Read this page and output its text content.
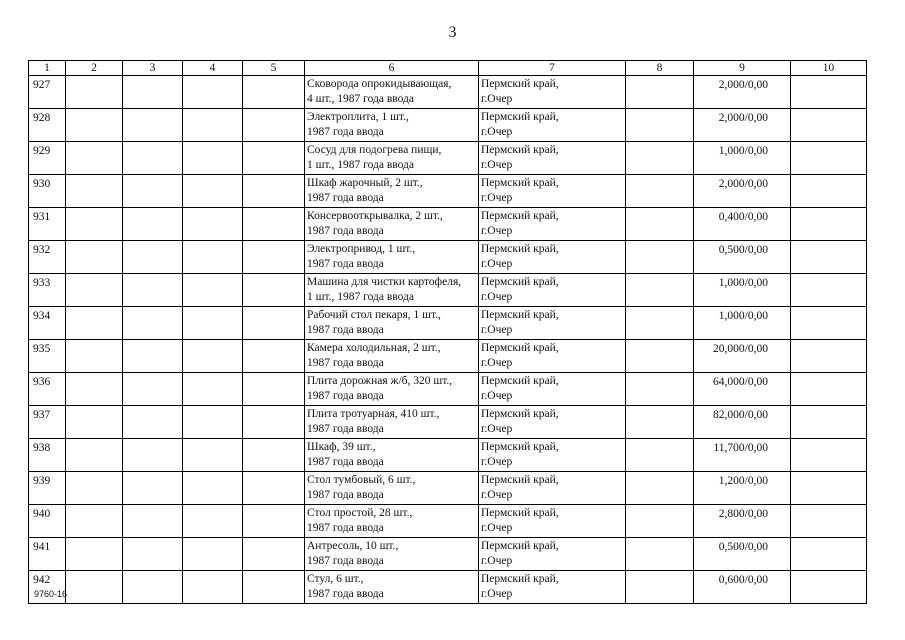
3
1	2	3	4	5	6	7	8	9	10

927					Сковорода опрокидывающая,
4 шт., 1987 года ввода	Пермский край,
г.Очер		2,000/0,00	

928					Электроплита, 1 шт.,
1987 года ввода	Пермский край,
г.Очер		2,000/0,00	

929					Сосуд для подогрева пищи,
1 шт., 1987 года ввода	Пермский край,
г.Очер		1,000/0,00	

930					Шкаф жарочный, 2 шт.,
1987 года ввода	Пермский край,
г.Очер		2,000/0,00	

931					Консервооткрывалка, 2 шт.,
1987 года ввода	Пермский край,
г.Очер		0,400/0,00	

932					Электропривод, 1 шт.,
1987 года ввода	Пермский край,
г.Очер		0,500/0,00	

933					Машина для чистки картофеля,
1 шт., 1987 года ввода	Пермский край,
г.Очер		1,000/0,00	

934					Рабочий стол пекаря, 1 шт.,
1987 года ввода	Пермский край,
г.Очер		1,000/0,00	

935					Камера холодильная, 2 шт.,
1987 года ввода	Пермский край,
г.Очер		20,000/0,00	

936					Плита дорожная ж/б, 320 шт.,
1987 года ввода	Пермский край,
г.Очер		64,000/0,00	

937					Плита тротуарная, 410 шт.,
1987 года ввода	Пермский край,
г.Очер		82,000/0,00	

938					Шкаф, 39 шт.,
1987 года ввода	Пермский край,
г.Очер		11,700/0,00	

939					Стол тумбовый, 6 шт.,
1987 года ввода	Пермский край,
г.Очер		1,200/0,00	

940					Стол простой, 28 шт.,
1987 года ввода	Пермский край,
г.Очер		2,800/0,00	

941					Антресоль, 10 шт.,
1987 года ввода	Пермский край,
г.Очер		0,500/0,00	

942					Стул, 6 шт.,
1987 года ввода	Пермский край,
г.Очер		0,600/0,00	

9760-16
